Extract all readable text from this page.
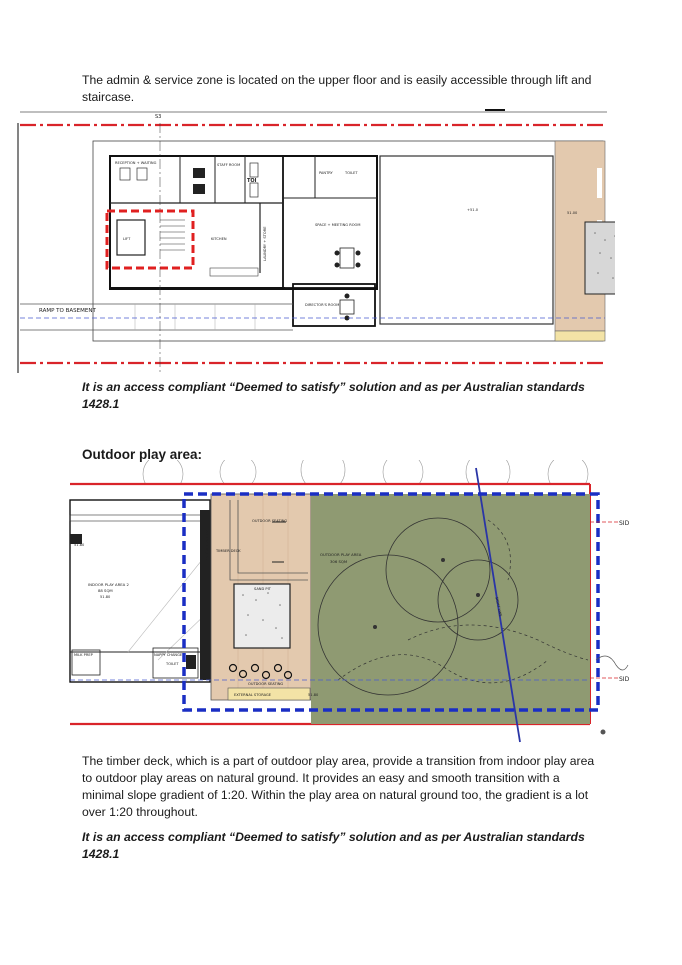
The admin & service zone is located on the upper floor and is easily accessible through lift and staircase.

S3
RECEPTION + WAITING	STAFF ROOM
TOI
PANTRY	TOILET
LIFT	KITCHEN	LAUNDRY + STORE
SPACE + MEETING ROOM
DIRECTOR'S ROOM
RAMP TO BASEMENT
+51.0
51.00

It is an access compliant “Deemed to satisfy” solution and as per Australian standards 1428.1

Outdoor play area:

51.80
INDOOR PLAY AREA 2
88 SQM
51.80
OUTSIDE ACCESS
OUTDOOR SEATING
TIMBER DECK
SAND PIT
OUTDOOR SEATING
EXTERNAL STORAGE	51.80
OUTDOOR PLAY AREA
306 SQM
NAPPY CHANGE
TOILET
MILK PREP
SIGHT LINE
SID
SID

The timber deck, which is a part of outdoor play area, provide a transition from indoor play area to outdoor play areas on natural ground. It provides an easy and smooth transition with a minimal slope gradient of 1:20. Within the play area on natural ground too, the gradient is a lot over 1:20 throughout.

It is an access compliant “Deemed to satisfy” solution and as per Australian standards 1428.1
